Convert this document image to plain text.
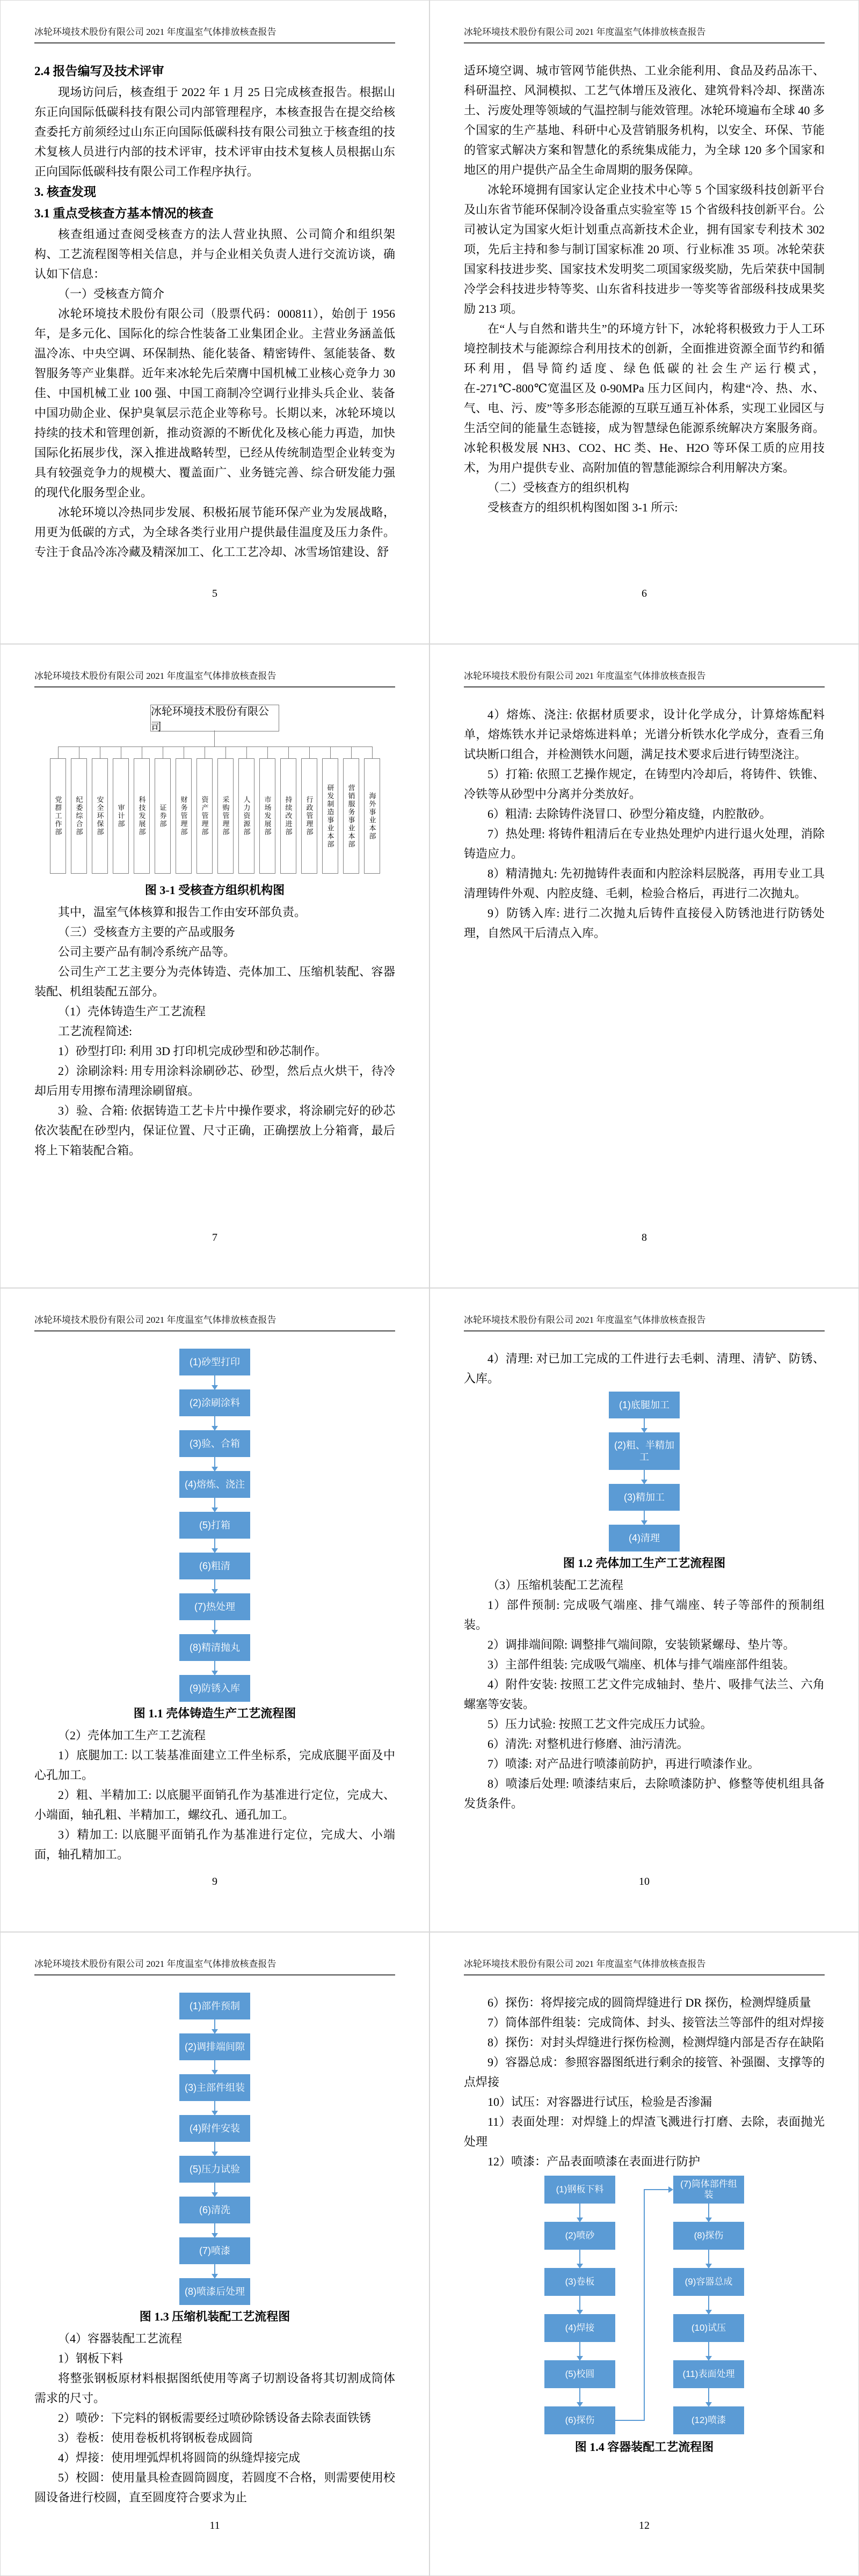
冰轮环境技术股份有限公司 2021 年度温室气体排放核查报告

2.4 报告编写及技术评审

现场访问后，核查组于 2022 年 1 月 25 日完成核查报告。根据山东正向国际低碳科技有限公司内部管理程序，本核查报告在提交给核查委托方前须经过山东正向国际低碳科技有限公司独立于核查组的技术复核人员进行内部的技术评审，技术评审由技术复核人员根据山东正向国际低碳科技有限公司工作程序执行。

3. 核查发现

3.1 重点受核查方基本情况的核查

核查组通过查阅受核查方的法人营业执照、公司简介和组织架构、工艺流程图等相关信息，并与企业相关负责人进行交流访谈，确认如下信息：

（一）受核查方简介

冰轮环境技术股份有限公司（股票代码：000811），始创于 1956 年，是多元化、国际化的综合性装备工业集团企业。主营业务涵盖低温冷冻、中央空调、环保制热、能化装备、精密铸件、氢能装备、数智服务等产业集群。近年来冰轮先后荣膺中国机械工业核心竞争力 30 佳、中国机械工业 100 强、中国工商制冷空调行业排头兵企业、装备中国功勋企业、保护臭氧层示范企业等称号。长期以来，冰轮环境以持续的技术和管理创新，推动资源的不断优化及核心能力再造，加快国际化拓展步伐，深入推进战略转型，已经从传统制造型企业转变为具有较强竞争力的规模大、覆盖面广、业务链完善、综合研发能力强的现代化服务型企业。

冰轮环境以冷热同步发展、积极拓展节能环保产业为发展战略，用更为低碳的方式，为全球各类行业用户提供最佳温度及压力条件。专注于食品冷冻冷藏及精深加工、化工工艺冷却、冰雪场馆建设、舒

5
冰轮环境技术股份有限公司 2021 年度温室气体排放核查报告

适环境空调、城市管网节能供热、工业余能利用、食品及药品冻干、科研温控、风洞模拟、工艺气体增压及液化、建筑骨料冷却、探凿冻土、污废处理等领域的气温控制与能效管理。冰轮环境遍布全球 40 多个国家的生产基地、科研中心及营销服务机构，以安全、环保、节能的管家式解决方案和智慧化的系统集成能力，为全球 120 多个国家和地区的用户提供产品全生命周期的服务保障。

冰轮环境拥有国家认定企业技术中心等 5 个国家级科技创新平台及山东省节能环保制冷设备重点实验室等 15 个省级科技创新平台。公司被认定为国家火炬计划重点高新技术企业，拥有国家专利技术 302 项，先后主持和参与制订国家标准 20 项、行业标准 35 项。冰轮荣获国家科技进步奖、国家技术发明奖二项国家级奖励，先后荣获中国制冷学会科技进步特等奖、山东省科技进步一等奖等省部级科技成果奖励 213 项。

在“人与自然和谐共生”的环境方针下，冰轮将积极致力于人工环境控制技术与能源综合利用技术的创新，全面推进资源全面节约和循环利用，倡导简约适度、绿色低碳的社会生产运行模式，在-271℃-800℃宽温区及 0-90MPa 压力区间内，构建“冷、热、水、气、电、污、废”等多形态能源的互联互通互补体系，实现工业园区与生活空间的能量生态链接，成为智慧绿色能源系统解决方案服务商。冰轮积极发展 NH3、CO2、HC 类、He、H2O 等环保工质的应用技术，为用户提供专业、高附加值的智慧能源综合利用解决方案。

（二）受核查方的组织机构

受核查方的组织机构图如图 3-1 所示:

6
冰轮环境技术股份有限公司 2021 年度温室气体排放核查报告
冰轮环境技术股份有限公司
党群工作部	纪委综合部	安全环保部	审计部	科技发展部	证券部	财务管理部	资产管理部	采购管理部	人力资源部	市场发展部	持续改进部	行政管理部	研发制造事业本部	营销服务事业本部	海外事业本部

图 3-1 受核查方组织机构图

其中，温室气体核算和报告工作由安环部负责。

（三）受核查方主要的产品或服务

公司主要产品有制冷系统产品等。

公司生产工艺主要分为壳体铸造、壳体加工、压缩机装配、容器装配、机组装配五部分。

（1）壳体铸造生产工艺流程

工艺流程简述:

1）砂型打印: 利用 3D 打印机完成砂型和砂芯制作。

2）涂刷涂料: 用专用涂料涂刷砂芯、砂型，然后点火烘干，待冷却后用专用擦布清理涂刷留痕。

3）验、合箱: 依据铸造工艺卡片中操作要求，将涂刷完好的砂芯依次装配在砂型内，保证位置、尺寸正确，正确摆放上分箱膏，最后将上下箱装配合箱。

7
冰轮环境技术股份有限公司 2021 年度温室气体排放核查报告

4）熔炼、浇注: 依据材质要求，设计化学成分，计算熔炼配料单，熔炼铁水并记录熔炼进料单；光谱分析铁水化学成分，查看三角试块断口组合，并检测铁水问题，满足技术要求后进行铸型浇注。

5）打箱: 依照工艺操作规定，在铸型内冷却后，将铸件、铁锥、冷铁等从砂型中分离并分类放好。

6）粗清: 去除铸件浇冒口、砂型分箱皮缝，内腔散砂。

7）热处理: 将铸件粗清后在专业热处理炉内进行退火处理，消除铸造应力。

8）精清抛丸: 先初抛铸件表面和内腔涂料层脱落，再用专业工具清理铸件外观、内腔皮缝、毛刺，检验合格后，再进行二次抛丸。

9）防锈入库: 进行二次抛丸后铸件直接侵入防锈池进行防锈处理，自然风干后清点入库。

8
冰轮环境技术股份有限公司 2021 年度温室气体排放核查报告
(1)砂型打印
(2)涂刷涂料
(3)验、合箱
(4)熔炼、浇注
(5)打箱
(6)粗清
(7)热处理
(8)精清抛丸
(9)防锈入库

图 1.1 壳体铸造生产工艺流程图

（2）壳体加工生产工艺流程

1）底腿加工: 以工装基准面建立工件坐标系，完成底腿平面及中心孔加工。

2）粗、半精加工: 以底腿平面销孔作为基准进行定位，完成大、小端面，轴孔粗、半精加工，螺纹孔、通孔加工。

3）精加工: 以底腿平面销孔作为基准进行定位，完成大、小端面，轴孔精加工。

9
冰轮环境技术股份有限公司 2021 年度温室气体排放核查报告

4）清理: 对已加工完成的工件进行去毛刺、清理、清铲、防锈、入库。

(1)底腿加工
(2)粗、半精加工
(3)精加工
(4)清理

图 1.2 壳体加工生产工艺流程图

（3）压缩机装配工艺流程

1）部件预制: 完成吸气端座、排气端座、转子等部件的预制组装。

2）调排端间隙: 调整排气端间隙，安装锁紧螺母、垫片等。

3）主部件组装: 完成吸气端座、机体与排气端座部件组装。

4）附件安装: 按照工艺文件完成轴封、垫片、吸排气法兰、六角螺塞等安装。

5）压力试验: 按照工艺文件完成压力试验。

6）清洗: 对整机进行修磨、油污清洗。

7）喷漆: 对产品进行喷漆前防护，再进行喷漆作业。

8）喷漆后处理: 喷漆结束后，去除喷漆防护、修整等使机组具备发货条件。

10
冰轮环境技术股份有限公司 2021 年度温室气体排放核查报告
(1)部件预制
(2)调排端间隙
(3)主部件组装
(4)附件安装
(5)压力试验
(6)清洗
(7)喷漆
(8)喷漆后处理

图 1.3 压缩机装配工艺流程图

（4）容器装配工艺流程

1）钢板下料

将整张钢板原材料根据图纸使用等离子切割设备将其切割成筒体需求的尺寸。

2）喷砂：下完料的钢板需要经过喷砂除锈设备去除表面铁锈

3）卷板：使用卷板机将钢板卷成圆筒

4）焊接：使用埋弧焊机将圆筒的纵缝焊接完成

5）校圆：使用量具检查圆筒圆度，若圆度不合格，则需要使用校圆设备进行校圆，直至圆度符合要求为止

11
冰轮环境技术股份有限公司 2021 年度温室气体排放核查报告

6）探伤：将焊接完成的圆筒焊缝进行 DR 探伤，检测焊缝质量

7）筒体部件组装：完成筒体、封头、接管法兰等部件的组对焊接

8）探伤：对封头焊缝进行探伤检测，检测焊缝内部是否存在缺陷

9）容器总成：参照容器图纸进行剩余的接管、补强圈、支撑等的点焊接

10）试压：对容器进行试压，检验是否渗漏

11）表面处理：对焊缝上的焊渣飞溅进行打磨、去除，表面抛光处理

12）喷漆：产品表面喷漆在表面进行防护

(1)钢板下料
(2)喷砂
(3)卷板
(4)焊接
(5)校圆
(6)探伤
(7)筒体部件组装
(8)探伤
(9)容器总成
(10)试压
(11)表面处理
(12)喷漆

图 1.4 容器装配工艺流程图

12
